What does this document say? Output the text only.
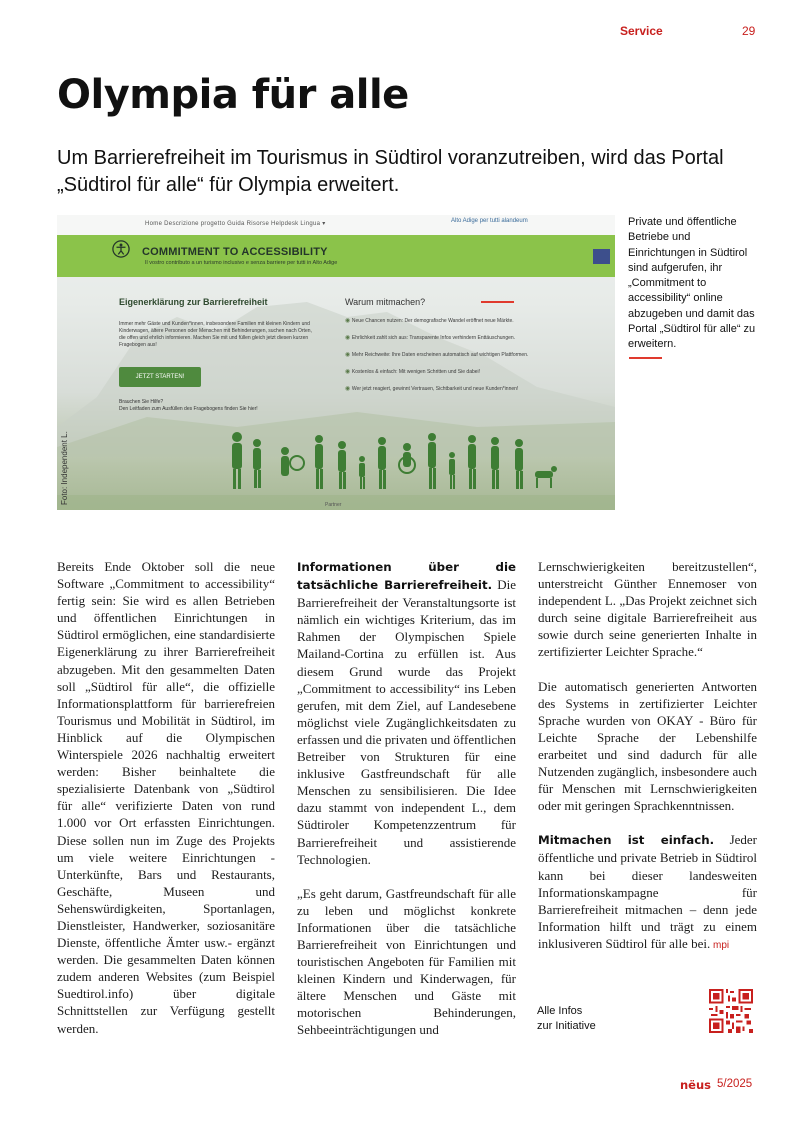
Service	29
Olympia für alle

Um Barrierefreiheit im Tourismus in Südtirol voranzutreiben, wird das Portal „Südtirol für alle“ für Olympia erweitert.

Home Descrizione progetto Guida Risorse Helpdesk Lingua ▾	Alto Adige per tutti alandeum
COMMITMENT TO ACCESSIBILITY
Il vostro contributo a un turismo inclusivo e senza barriere per tutti in Alto Adige
Eigenerklärung zur Barrierefreiheit
Immer mehr Gäste und Kunden*innen, insbesondere Familien mit kleinen Kindern und Kinderwagen, ältere Personen oder Menschen mit Behinderungen, suchen nach Orten, die offen und ehrlich informieren. Machen Sie mit und füllen gleich jetzt diesen kurzen Fragebogen aus!
JETZT STARTEN!
Brauchen Sie Hilfe?
Den Leitfaden zum Ausfüllen des Fragebogens finden Sie hier!
Warum mitmachen?
◉ Neue Chancen nutzen: Der demografische Wandel eröffnet neue Märkte.
◉ Ehrlichkeit zahlt sich aus: Transparente Infos verhindern Enttäuschungen.
◉ Mehr Reichweite: Ihre Daten erscheinen automatisch auf wichtigen Plattformen.
◉ Kostenlos & einfach: Mit wenigen Schritten und Sie dabei!
◉ Wer jetzt reagiert, gewinnt Vertrauen, Sichtbarkeit und neue Kunden*innen!
Partner
Foto: Independent L.

Private und öffentliche Betriebe und Einrichtungen in Südtirol sind aufgerufen, ihr „Commitment to accessibility“ online abzugeben und damit das Portal „Südtirol für alle“ zu erweitern.

Bereits Ende Oktober soll die neue Software „Commitment to accessibility“ fertig sein: Sie wird es allen Betrieben und öffentlichen Einrichtungen in Südtirol ermöglichen, eine standardisierte Eigenerklärung zu ihrer Barrierefreiheit abzugeben. Mit den gesammelten Daten soll „Südtirol für alle“, die offizielle Informationsplattform für barrierefreien Tourismus und Mobilität in Südtirol, im Hinblick auf die Olympischen Winterspiele 2026 nachhaltig erweitert werden: Bisher beinhaltete die spezialisierte Datenbank von „Südtirol für alle“ verifizierte Daten von rund 1.000 vor Ort erfassten Einrichtungen. Diese sollen nun im Zuge des Projekts um viele weitere Einrichtungen - Unterkünfte, Bars und Restaurants, Geschäfte, Museen und Sehenswürdigkeiten, Sportanlagen, Dienstleister, Handwerker, soziosanitäre Dienste, öffentliche Ämter usw.- ergänzt werden. Die gesammelten Daten können zudem anderen Websites (zum Beispiel Suedtirol.info) über digitale Schnittstellen zur Verfügung gestellt werden.

Informationen über die tatsächliche Barrierefreiheit. Die Barrierefreiheit der Veranstaltungsorte ist nämlich ein wichtiges Kriterium, das im Rahmen der Olympischen Spiele Mailand-Cortina zu erfüllen ist. Aus diesem Grund wurde das Projekt „Commitment to accessibility“ ins Leben gerufen, mit dem Ziel, auf Landesebene möglichst viele Zugänglichkeitsdaten zu erfassen und die privaten und öffentlichen Betreiber von Strukturen für eine inklusive Gastfreundschaft für alle Menschen zu sensibilisieren. Die Idee dazu stammt von independent L., dem Südtiroler Kompetenzzentrum für Barrierefreiheit und assistierende Technologien.

„Es geht darum, Gastfreundschaft für alle zu leben und möglichst konkrete Informationen über die tatsächliche Barrierefreiheit von Einrichtungen und touristischen Angeboten für Familien mit kleinen Kindern und Kinderwagen, für ältere Menschen und Gäste mit motorischen Behinderungen, Sehbeeinträchtigungen und

Lernschwierigkeiten bereitzustellen“, unterstreicht Günther Ennemoser von independent L. „Das Projekt zeichnet sich durch seine digitale Barrierefreiheit aus sowie durch seine generierten Inhalte in zertifizierter Leichter Sprache.“

Die automatisch generierten Antworten des Systems in zertifizierter Leichter Sprache wurden von OKAY - Büro für Leichte Sprache der Lebenshilfe erarbeitet und sind dadurch für alle Nutzenden zugänglich, insbesondere auch für Menschen mit Lernschwierigkeiten oder mit geringen Sprachkenntnissen.

Mitmachen ist einfach. Jeder öffentliche und private Betrieb in Südtirol kann bei dieser landesweiten Informationskampagne für Barrierefreiheit mitmachen – denn jede Information hilft und trägt zu einem inklusiveren Südtirol für alle bei. mpi

Alle Infos
zur Initiative
nëus 5/2025
